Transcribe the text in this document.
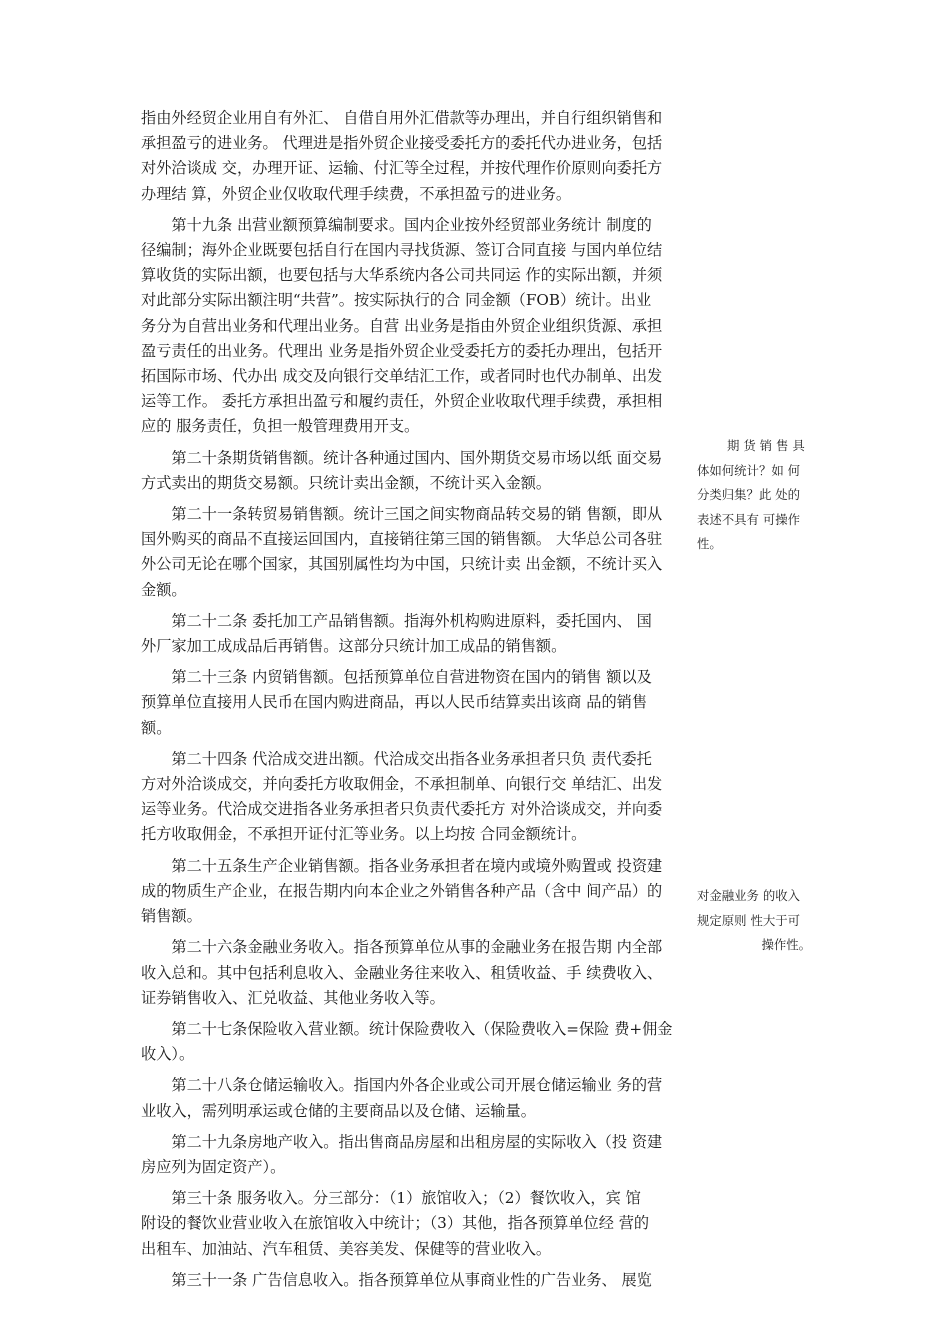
指由外经贸企业用自有外汇、 自借自用外汇借款等办理出，并自行组织销售和
承担盈亏的进业务。 代理进是指外贸企业接受委托方的委托代办进业务，包括
对外洽谈成 交，办理开证、运输、付汇等全过程，并按代理作价原则向委托方
办理结 算，外贸企业仅收取代理手续费，不承担盈亏的进业务。
第十九条 出营业额预算编制要求。国内企业按外经贸部业务统计 制度的
径编制；海外企业既要包括自行在国内寻找货源、签订合同直接 与国内单位结
算收货的实际出额，也要包括与大华系统内各公司共同运 作的实际出额，并须
对此部分实际出额注明“共营”。按实际执行的合 同金额（FOB）统计。出业
务分为自营出业务和代理出业务。自营 出业务是指由外贸企业组织货源、承担
盈亏责任的出业务。代理出 业务是指外贸企业受委托方的委托办理出，包括开
拓国际市场、代办出 成交及向银行交单结汇工作，或者同时也代办制单、出发
运等工作。 委托方承担出盈亏和履约责任，外贸企业收取代理手续费，承担相
应的 服务责任，负担一般管理费用开支。
第二十条期货销售额。统计各种通过国内、国外期货交易市场以纸 面交易
方式卖出的期货交易额。只统计卖出金额，不统计买入金额。
第二十一条转贸易销售额。统计三国之间实物商品转交易的销 售额，即从
国外购买的商品不直接运回国内，直接销往第三国的销售额。 大华总公司各驻
外公司无论在哪个国家，其国别属性均为中国，只统计卖 出金额，不统计买入
金额。
第二十二条 委托加工产品销售额。指海外机构购进原料，委托国内、 国
外厂家加工成成品后再销售。这部分只统计加工成品的销售额。
第二十三条 内贸销售额。包括预算单位自营进物资在国内的销售 额以及
预算单位直接用人民币在国内购进商品，再以人民币结算卖出该商 品的销售
额。
第二十四条 代洽成交进出额。代洽成交出指各业务承担者只负 责代委托
方对外洽谈成交，并向委托方收取佣金，不承担制单、向银行交 单结汇、出发
运等业务。代洽成交进指各业务承担者只负责代委托方 对外洽谈成交，并向委
托方收取佣金，不承担开证付汇等业务。以上均按 合同金额统计。
第二十五条生产企业销售额。指各业务承担者在境内或境外购置或 投资建
成的物质生产企业，在报告期内向本企业之外销售各种产品（含中 间产品）的
销售额。
第二十六条金融业务收入。指各预算单位从事的金融业务在报告期 内全部
收入总和。其中包括利息收入、金融业务往来收入、租赁收益、手 续费收入、
证券销售收入、汇兑收益、其他业务收入等。
第二十七条保险收入营业额。统计保险费收入（保险费收入=保险 费+佣金
收入）。
第二十八条仓储运输收入。指国内外各企业或公司开展仓储运输业 务的营
业收入，需列明承运或仓储的主要商品以及仓储、运输量。
第二十九条房地产收入。指出售商品房屋和出租房屋的实际收入（投 资建
房应列为固定资产）。
第三十条 服务收入。分三部分：（1）旅馆收入；（2）餐饮收入，宾 馆
附设的餐饮业营业收入在旅馆收入中统计；（3）其他，指各预算单位经 营的
出租车、加油站、汽车租赁、美容美发、保健等的营业收入。
第三十一条 广告信息收入。指各预算单位从事商业性的广告业务、 展览
期 货 销 售 具
体如何统计？如 何
分类归集？此 处的
表述不具有 可操作
性。
对金融业务 的收入
规定原则 性大于可
操作性。
